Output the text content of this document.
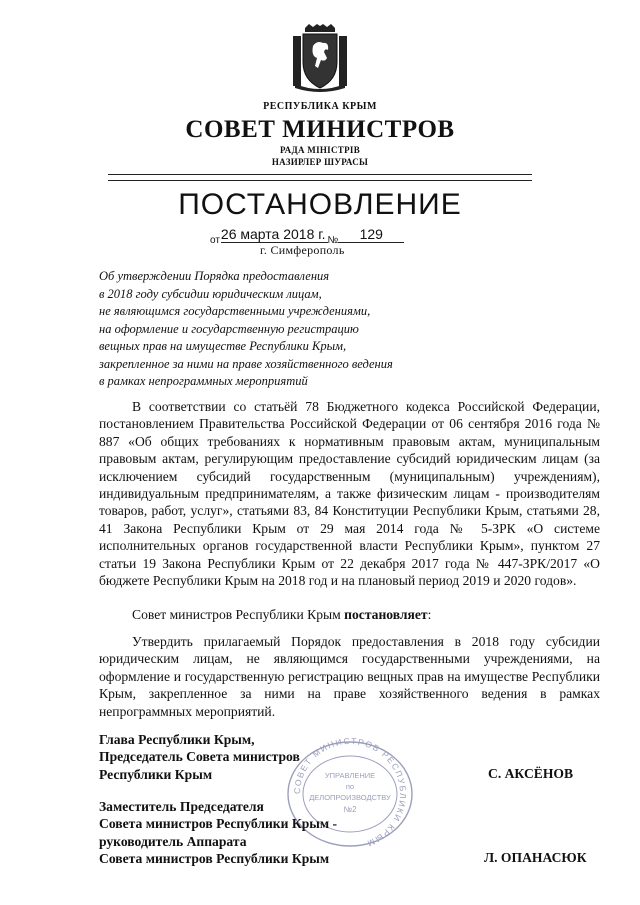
РЕСПУБЛИКА КРЫМ
СОВЕТ МИНИСТРОВ
РАДА МІНІСТРІВ
НАЗИРЛЕР ШУРАСЫ
ПОСТАНОВЛЕНИЕ
$_{от}$26 марта 2018 г. $_№$ 129
г. Симферополь
Об утверждении Порядка предоставления
в 2018 году субсидии юридическим лицам,
не являющимся государственными учреждениями,
на оформление и государственную регистрацию
вещных прав на имуществе Республики Крым,
закрепленное за ними на праве хозяйственного ведения
в рамках непрограммных мероприятий
В соответствии со статьёй 78 Бюджетного кодекса Российской Федерации, постановлением Правительства Российской Федерации от 06 сентября 2016 года № 887 «Об общих требованиях к нормативным правовым актам, муниципальным правовым актам, регулирующим предоставление субсидий юридическим лицам (за исключением субсидий государственным (муниципальным) учреждениям), индивидуальным предпринимателям, а также физическим лицам - производителям товаров, работ, услуг», статьями 83, 84 Конституции Республики Крым, статьями 28, 41 Закона Республики Крым от 29 мая 2014 года № 5-ЗРК «О системе исполнительных органов государственной власти Республики Крым», пунктом 27 статьи 19 Закона Республики Крым от 22 декабря 2017 года № 447-ЗРК/2017 «О бюджете Республики Крым на 2018 год и на плановый период 2019 и 2020 годов».
Совет министров Республики Крым постановляет:
Утвердить прилагаемый Порядок предоставления в 2018 году субсидии юридическим лицам, не являющимся государственными учреждениями, на оформление и государственную регистрацию вещных прав на имуществе Республики Крым, закрепленное за ними на праве хозяйственного ведения в рамках непрограммных мероприятий.
СОВЕТ МИНИСТРОВ РЕСПУБЛИКИ КРЫМ
УПРАВЛЕНИЕ
по
ДЕЛОПРОИЗВОДСТВУ
№2
Глава Республики Крым,
Председатель Совета министров
Республики Крым	С. АКСЁНОВ
Заместитель Председателя
Совета министров Республики Крым -
руководитель Аппарата
Совета министров Республики Крым	Л. ОПАНАСЮК
